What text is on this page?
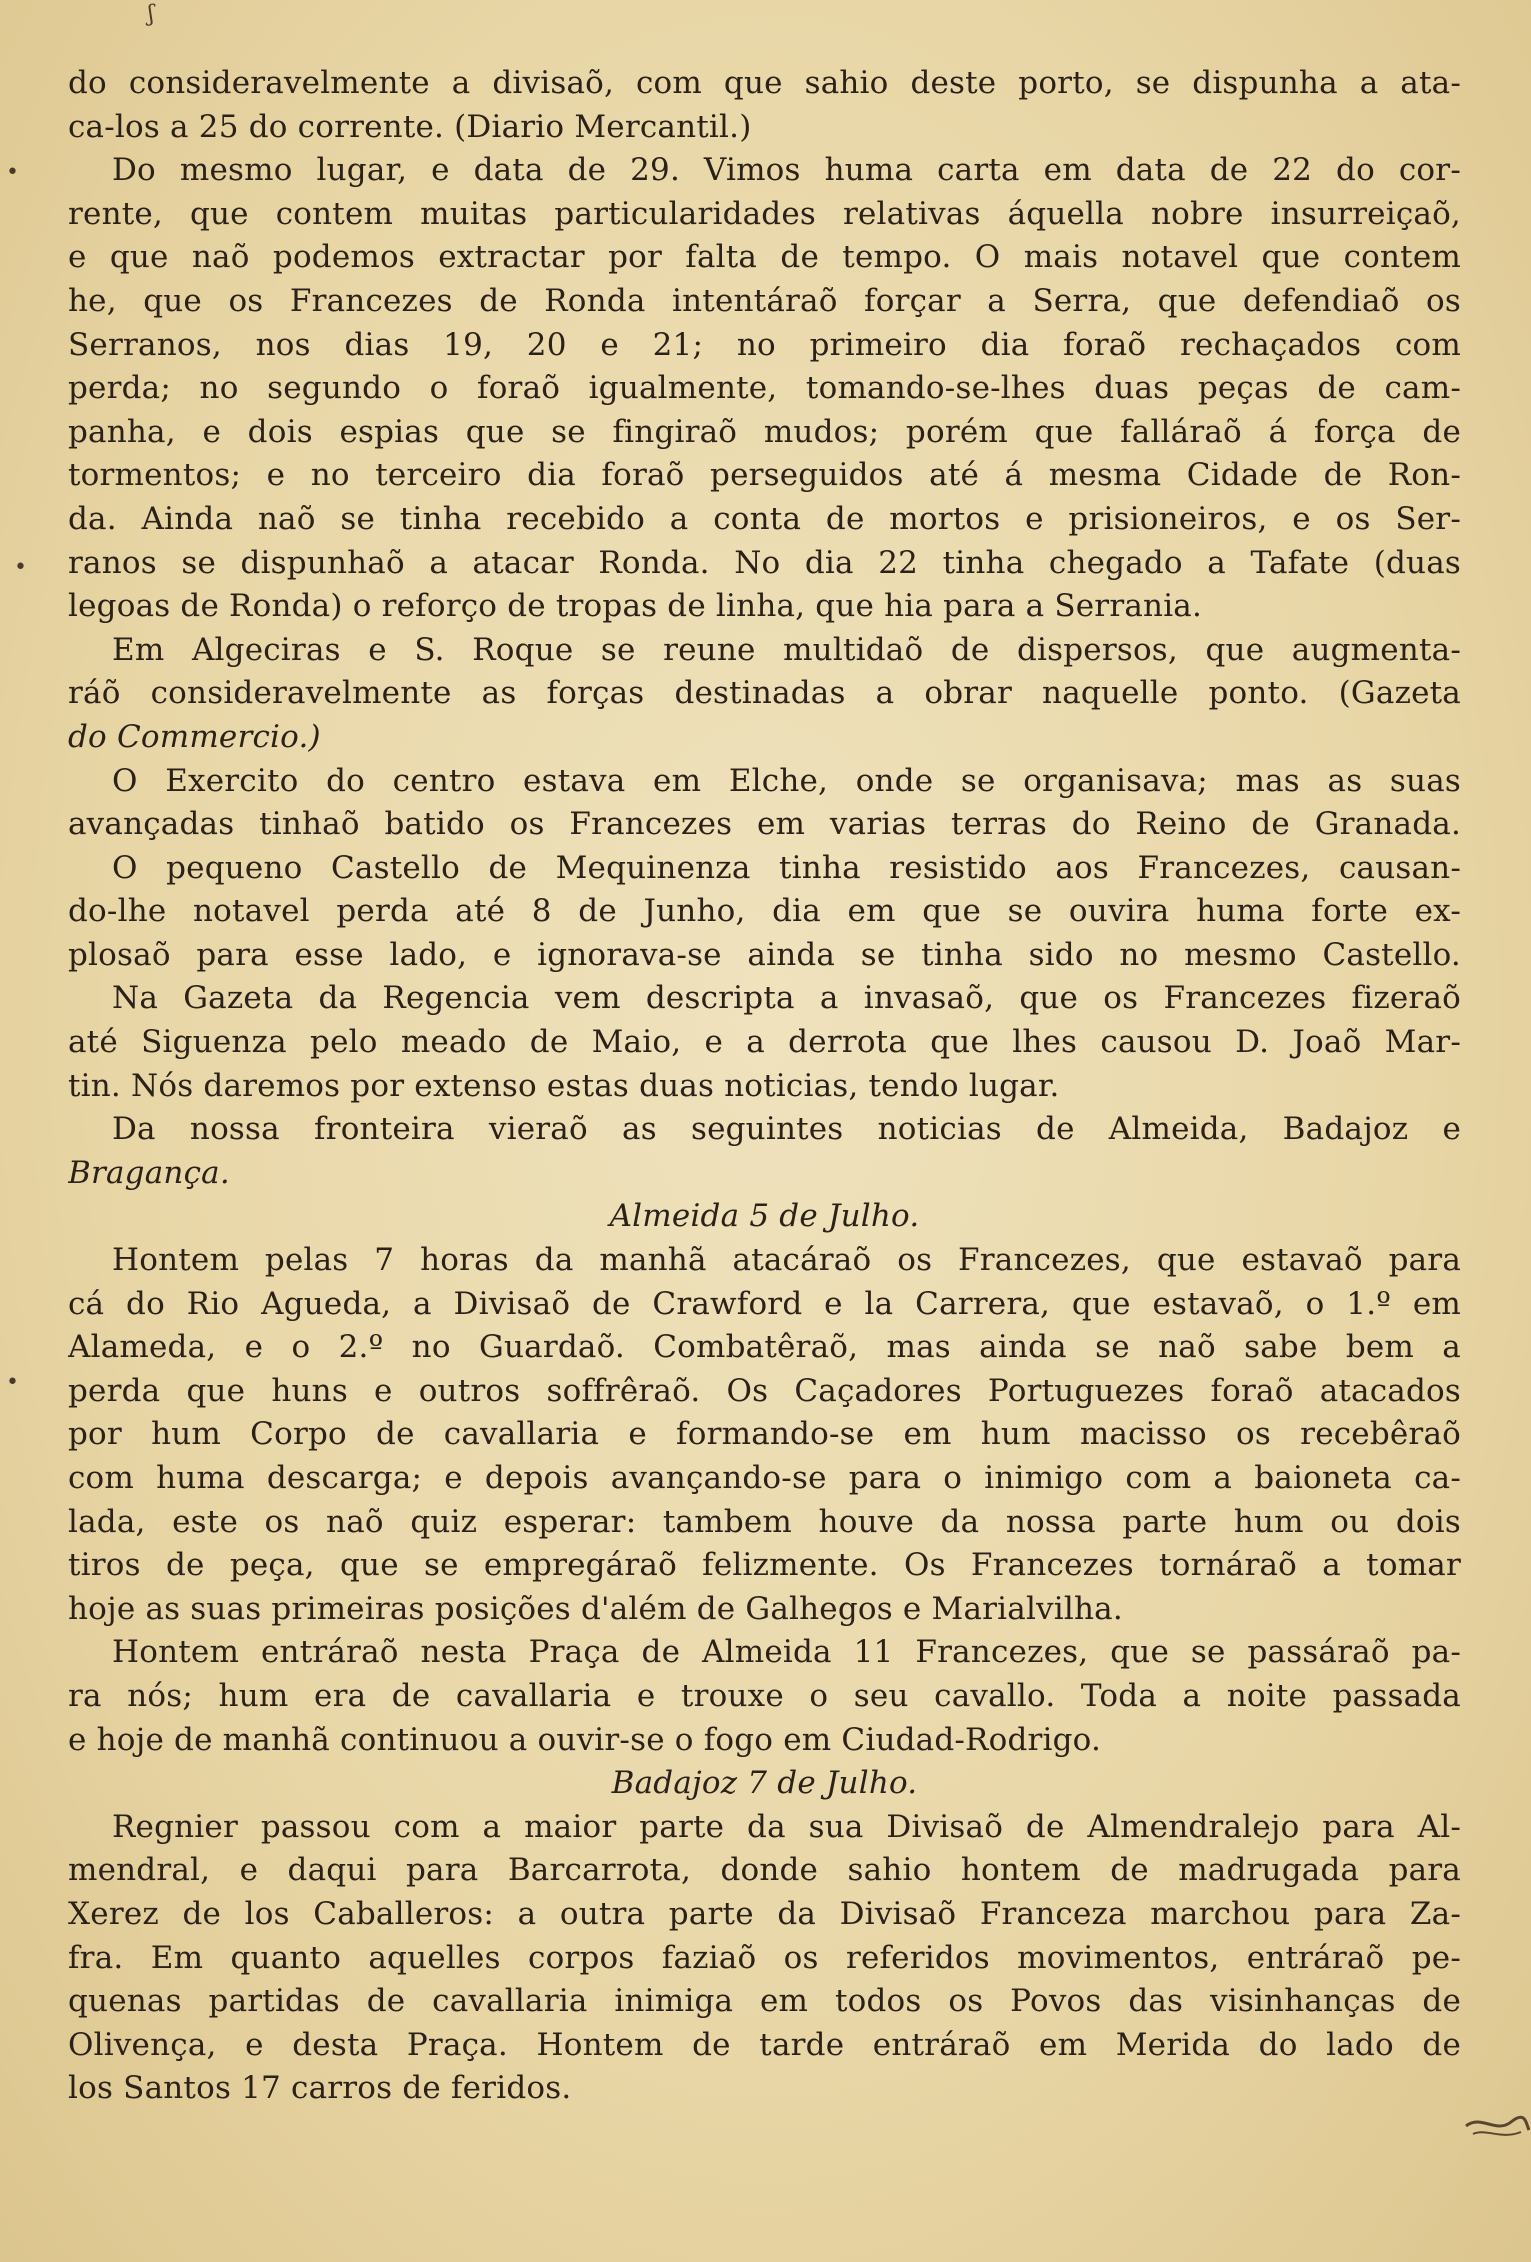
ʃ
•
•
•
do consideravelmente a divisaõ, com que sahio deste porto, se dispunha a ata-
ca-los a 25 do corrente. (Diario Mercantil.)
Do mesmo lugar, e data de 29. Vimos huma carta em data de 22 do cor-
rente, que contem muitas particularidades relativas áquella nobre insurreiçaõ,
e que naõ podemos extractar por falta de tempo. O mais notavel que contem
he, que os Francezes de Ronda intentáraõ forçar a Serra, que defendiaõ os
Serranos, nos dias 19, 20 e 21; no primeiro dia foraõ rechaçados com
perda; no segundo o foraõ igualmente, tomando-se-lhes duas peças de cam-
panha, e dois espias que se fingiraõ mudos; porém que falláraõ á força de
tormentos; e no terceiro dia foraõ perseguidos até á mesma Cidade de Ron-
da. Ainda naõ se tinha recebido a conta de mortos e prisioneiros, e os Ser-
ranos se dispunhaõ a atacar Ronda. No dia 22 tinha chegado a Tafate (duas
legoas de Ronda) o reforço de tropas de linha, que hia para a Serrania.
Em Algeciras e S. Roque se reune multidaõ de dispersos, que augmenta-
ráõ consideravelmente as forças destinadas a obrar naquelle ponto. (Gazeta
do Commercio.)
O Exercito do centro estava em Elche, onde se organisava; mas as suas
avançadas tinhaõ batido os Francezes em varias terras do Reino de Granada.
O pequeno Castello de Mequinenza tinha resistido aos Francezes, causan-
do-lhe notavel perda até 8 de Junho, dia em que se ouvira huma forte ex-
plosaõ para esse lado, e ignorava-se ainda se tinha sido no mesmo Castello.
Na Gazeta da Regencia vem descripta a invasaõ, que os Francezes fizeraõ
até Siguenza pelo meado de Maio, e a derrota que lhes causou D. Joaõ Mar-
tin. Nós daremos por extenso estas duas noticias, tendo lugar.
Da nossa fronteira vieraõ as seguintes noticias de Almeida, Badajoz e
Bragança.
Almeida 5 de Julho.
Hontem pelas 7 horas da manhã atacáraõ os Francezes, que estavaõ para
cá do Rio Agueda, a Divisaõ de Crawford e la Carrera, que estavaõ, o 1.º em
Alameda, e o 2.º no Guardaõ. Combatêraõ, mas ainda se naõ sabe bem a
perda que huns e outros soffrêraõ. Os Caçadores Portuguezes foraõ atacados
por hum Corpo de cavallaria e formando-se em hum macisso os recebêraõ
com huma descarga; e depois avançando-se para o inimigo com a baioneta ca-
lada, este os naõ quiz esperar: tambem houve da nossa parte hum ou dois
tiros de peça, que se empregáraõ felizmente. Os Francezes tornáraõ a tomar
hoje as suas primeiras posições d'além de Galhegos e Marialvilha.
Hontem entráraõ nesta Praça de Almeida 11 Francezes, que se passáraõ pa-
ra nós; hum era de cavallaria e trouxe o seu cavallo. Toda a noite passada
e hoje de manhã continuou a ouvir-se o fogo em Ciudad-Rodrigo.
Badajoz 7 de Julho.
Regnier passou com a maior parte da sua Divisaõ de Almendralejo para Al-
mendral, e daqui para Barcarrota, donde sahio hontem de madrugada para
Xerez de los Caballeros: a outra parte da Divisaõ Franceza marchou para Za-
fra. Em quanto aquelles corpos faziaõ os referidos movimentos, entráraõ pe-
quenas partidas de cavallaria inimiga em todos os Povos das visinhanças de
Olivença, e desta Praça. Hontem de tarde entráraõ em Merida do lado de
los Santos 17 carros de feridos.
